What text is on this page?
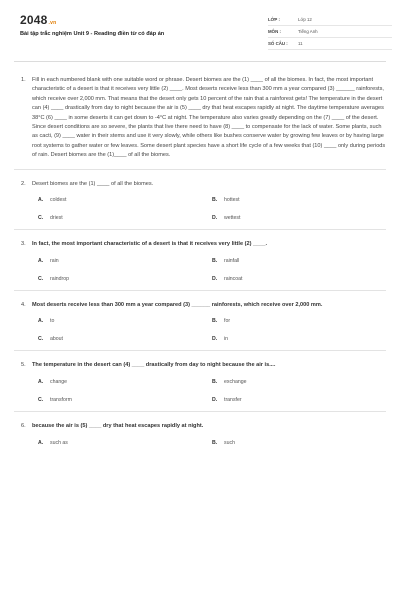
2048.vn
Bài tập trắc nghiệm Unit 9 - Reading điền từ có đáp án
LỚP :	Lớp 12
MÔN :	Tiếng Anh
SỐ CÂU :	11
1.	Fill in each numbered blank with one suitable word or phrase. Desert biomes are the (1) ____ of all the biomes. In fact, the most important characteristic of a desert is that it receives very little (2) ____. Most deserts receive less than 300 mm a year compared (3) ______ rainforests, which receive over 2,000 mm. That means that the desert only gets 10 percent of the rain that a rainforest gets! The temperature in the desert can (4) ____ drastically from day to night because the air is (5) ____ dry that heat escapes rapidly at night. The daytime temperature averages 38°C (6) ____ in some deserts it can get down to -4°C at night. The temperature also varies greatly depending on the (7) ____ of the desert. Since desert conditions are so severe, the plants that live there need to have (8) ____ to compensate for the lack of water. Some plants, such as cacti, (9) ____ water in their stems and use it very slowly, while others like bushes conserve water by growing few leaves or by having large root systems to gather water or few leaves. Some desert plant species have a short life cycle of a few weeks that (10) ____ only during periods of rain. Desert biomes are the (1)____ of all the biomes.
2.	Desert biomes are the (1) ____ of all the biomes.
A.	coldest	B.	hottest
C.	driest	D.	wettest
3.	In fact, the most important characteristic of a desert is that it receives very little (2) ____.
A.	rain	B.	rainfall
C.	raindrop	D.	raincoat
4.	Most deserts receive less than 300 mm a year compared (3) ______ rainforests, which receive over 2,000 mm.
A.	to	B.	for
C.	about	D.	in
5.	The temperature in the desert can (4) ____ drastically from day to night because the air is....
A.	change	B.	exchange
C.	transform	D.	transfer
6.	because the air is (5) ____ dry that heat escapes rapidly at night.
A.	such as	B.	such
